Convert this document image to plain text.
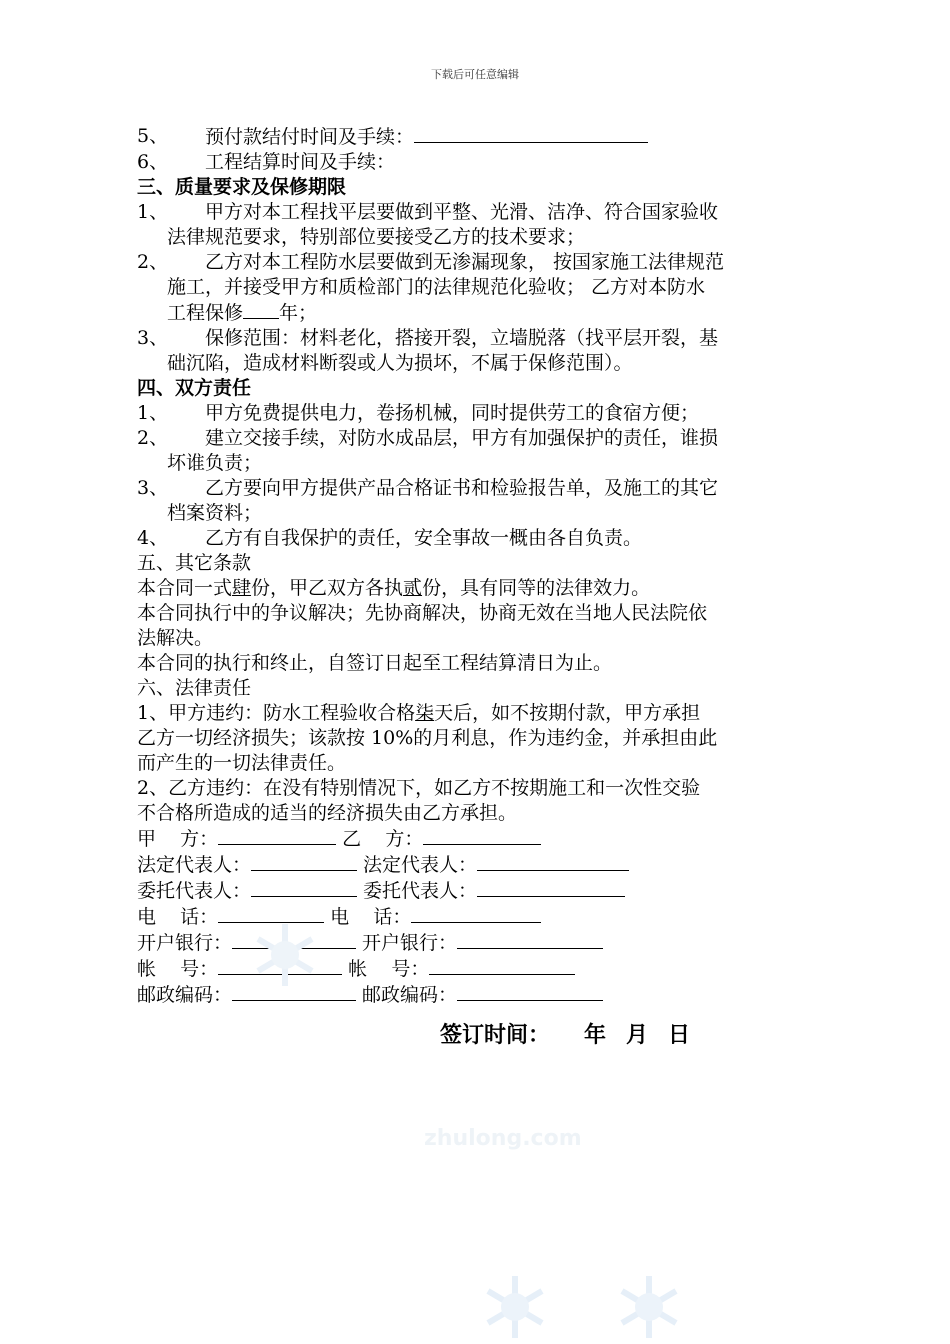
下载后可任意编辑
5、	预付款结付时间及手续：
6、	工程结算时间及手续：
三、质量要求及保修期限
1、	甲方对本工程找平层要做到平整、光滑、洁净、符合国家验收
法律规范要求，特别部位要接受乙方的技术要求；
2、	乙方对本工程防水层要做到无渗漏现象， 按国家施工法律规范
施工，并接受甲方和质检部门的法律规范化验收； 乙方对本防水
工程保修 年；
3、	保修范围：材料老化，搭接开裂，立墙脱落（找平层开裂，基
础沉陷，造成材料断裂或人为损坏，不属于保修范围）。
四、双方责任
1、	甲方免费提供电力，卷扬机械，同时提供劳工的食宿方便；
2、	建立交接手续，对防水成品层，甲方有加强保护的责任，谁损
坏谁负责；
3、	乙方要向甲方提供产品合格证书和检验报告单，及施工的其它
档案资料；
4、	乙方有自我保护的责任，安全事故一概由各自负责。
五、其它条款
本合同一式肆份，甲乙双方各执贰份，具有同等的法律效力。
本合同执行中的争议解决；先协商解决，协商无效在当地人民法院依
法解决。
本合同的执行和终止，自签订日起至工程结算清日为止。
六、法律责任
1、甲方违约：防水工程验收合格柒天后，如不按期付款，甲方承担
乙方一切经济损失；该款按 10%的月利息，作为违约金，并承担由此
而产生的一切法律责任。
2、乙方违约：在没有特别情况下，如乙方不按期施工和一次性交验
不合格所造成的适当的经济损失由乙方承担。
甲    方：	乙    方：
法定代表人：	法定代表人：
委托代表人：	委托代表人：
电    话：	电    话：
开户银行：	开户银行：
帐    号：	帐    号：
邮政编码：	邮政编码：
签订时间： 年 月 日
zhulong.com
